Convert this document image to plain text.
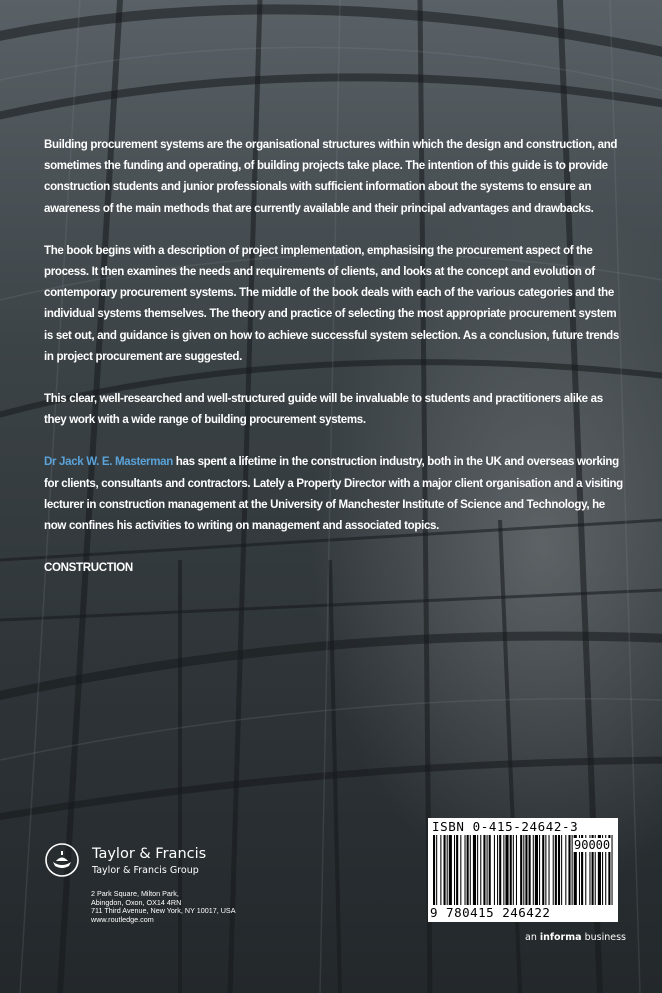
Building procurement systems are the organisational structures within which the design and construction, and sometimes the funding and operating, of building projects take place. The intention of this guide is to provide construction students and junior professionals with sufficient information about the systems to ensure an awareness of the main methods that are currently available and their principal advantages and drawbacks.

The book begins with a description of project implementation, emphasising the procurement aspect of the process. It then examines the needs and requirements of clients, and looks at the concept and evolution of contemporary procurement systems. The middle of the book deals with each of the various categories and the individual systems themselves. The theory and practice of selecting the most appropriate procurement system is set out, and guidance is given on how to achieve successful system selection. As a conclusion, future trends in project procurement are suggested.

This clear, well-researched and well-structured guide will be invaluable to students and practitioners alike as they work with a wide range of building procurement systems.

Dr Jack W. E. Masterman has spent a lifetime in the construction industry, both in the UK and overseas working for clients, consultants and contractors. Lately a Property Director with a major client organisation and a visiting lecturer in construction management at the University of Manchester Institute of Science and Technology, he now confines his activities to writing on management and associated topics.

CONSTRUCTION

Taylor & Francis
Taylor & Francis Group
2 Park Square, Milton Park,
Abingdon, Oxon, OX14 4RN
711 Third Avenue, New York, NY 10017, USA
www.routledge.com
ISBN 0-415-24642-3
90000
9 780415 246422
an informa business
